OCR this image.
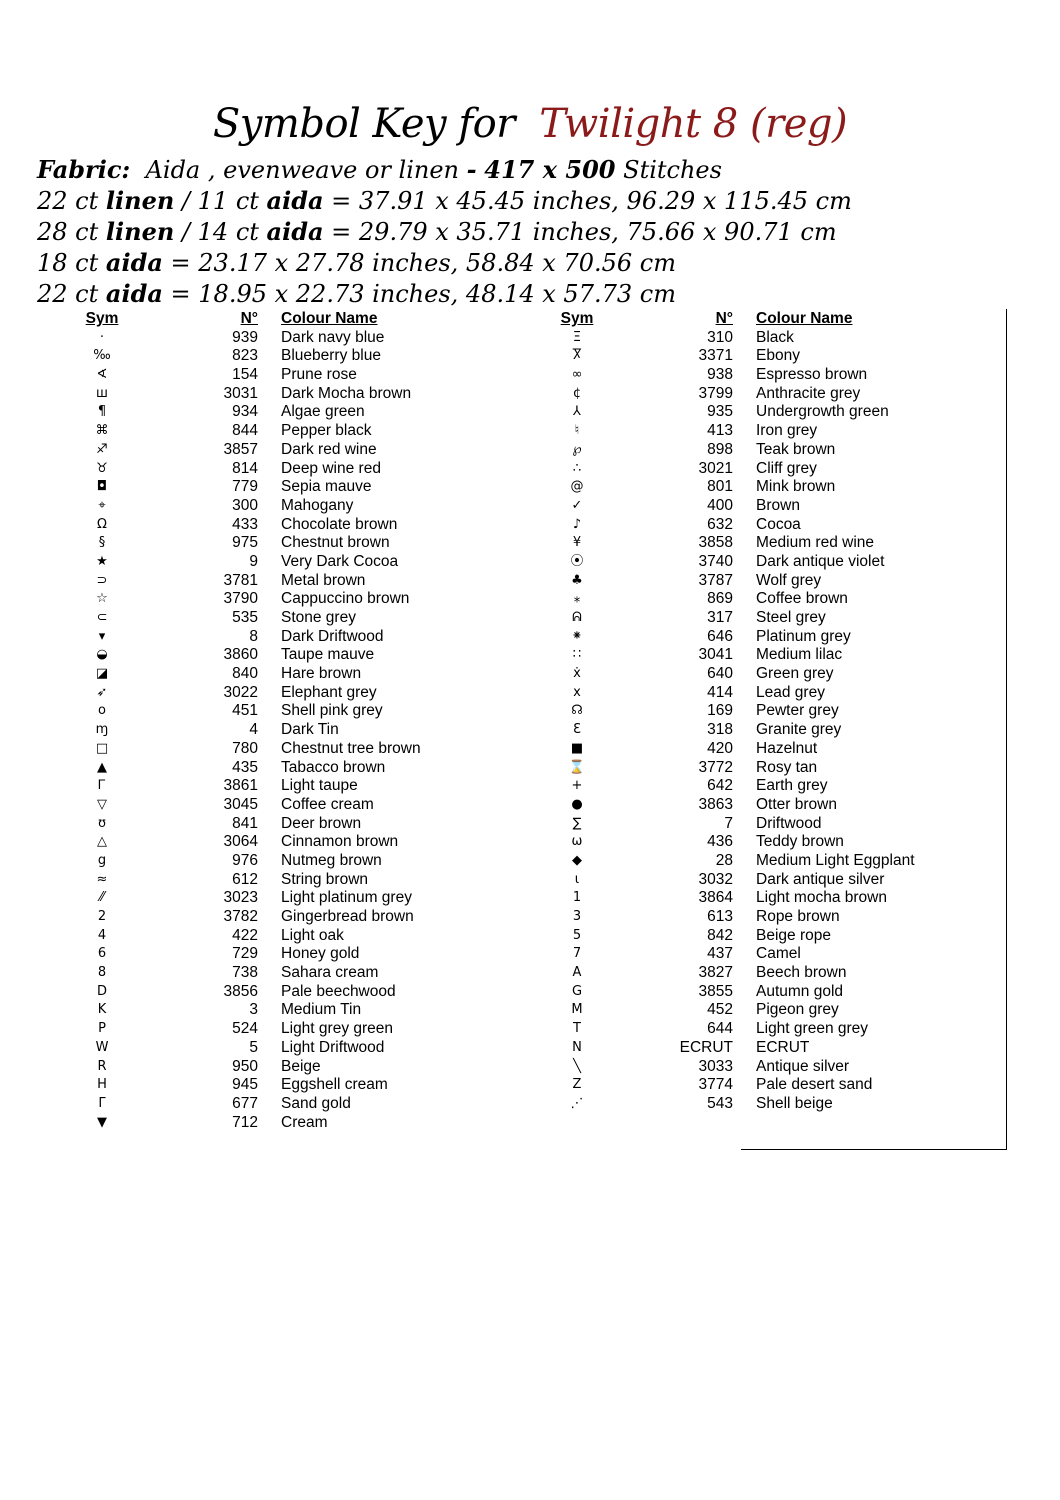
Symbol Key for Twilight 8 (reg)
Fabric: Aida , evenweave or linen - 417 x 500 Stitches
22 ct linen / 11 ct aida = 37.91 x 45.45 inches, 96.29 x 115.45 cm
28 ct linen / 14 ct aida = 29.79 x 35.71 inches, 75.66 x 90.71 cm
18 ct aida = 23.17 x 27.78 inches, 58.84 x 70.56 cm
22 ct aida = 18.95 x 22.73 inches, 48.14 x 57.73 cm
Sym	N° Colour Name
·	939 Dark navy blue
‰	823 Blueberry blue
∢	154 Prune rose
ш	3031 Dark Mocha brown
¶	934 Algae green
⌘	844 Pepper black
♐	3857 Dark red wine
♉	814 Deep wine red
◘	779 Sepia mauve
⌖	300 Mahogany
Ω	433 Chocolate brown
§	975 Chestnut brown
★	9 Very Dark Cocoa
⊃	3781 Metal brown
☆	3790 Cappuccino brown
⊂	535 Stone grey
▾	8 Dark Driftwood
◒	3860 Taupe mauve
◪	840 Hare brown
➶	3022 Elephant grey
o	451 Shell pink grey
ɱ	4 Dark Tin
□	780 Chestnut tree brown
▲	435 Tabacco brown
Ꮁ	3861 Light taupe
▽	3045 Coffee cream
ʊ	841 Deer brown
△	3064 Cinnamon brown
g	976 Nutmeg brown
≈	612 String brown
⁄⁄	3023 Light platinum grey
2	3782 Gingerbread brown
4	422 Light oak
6	729 Honey gold
8	738 Sahara cream
D	3856 Pale beechwood
K	3 Medium Tin
P	524 Light grey green
W	5 Light Driftwood
R	950 Beige
H	945 Eggshell cream
Γ	677 Sand gold
▼	712 Cream
Sym	N° Colour Name
Ξ	310 Black
Ⴟ	3371 Ebony
∞	938 Espresso brown
¢	3799 Anthracite grey
⅄	935 Undergrowth green
♮	413 Iron grey
℘	898 Teak brown
∴	3021 Cliff grey
@	801 Mink brown
✓	400 Brown
♪	632 Cocoa
¥	3858 Medium red wine
⦿	3740 Dark antique violet
♣	3787 Wolf grey
⁎	869 Coffee brown
ᕱ	317 Steel grey
⁕	646 Platinum grey
∷	3041 Medium lilac
ẋ	640 Green grey
x	414 Lead grey
☊	169 Pewter grey
Ɛ	318 Granite grey
■	420 Hazelnut
⌛	3772 Rosy tan
+	642 Earth grey
●	3863 Otter brown
∑	7 Driftwood
ω	436 Teddy brown
◆	28 Medium Light Eggplant
ɩ	3032 Dark antique silver
1	3864 Light mocha brown
3	613 Rope brown
5	842 Beige rope
7	437 Camel
A	3827 Beech brown
G	3855 Autumn gold
M	452 Pigeon grey
T	644 Light green grey
N	ECRUT ECRUT
╲	3033 Antique silver
Z	3774 Pale desert sand
⋰	543 Shell beige
